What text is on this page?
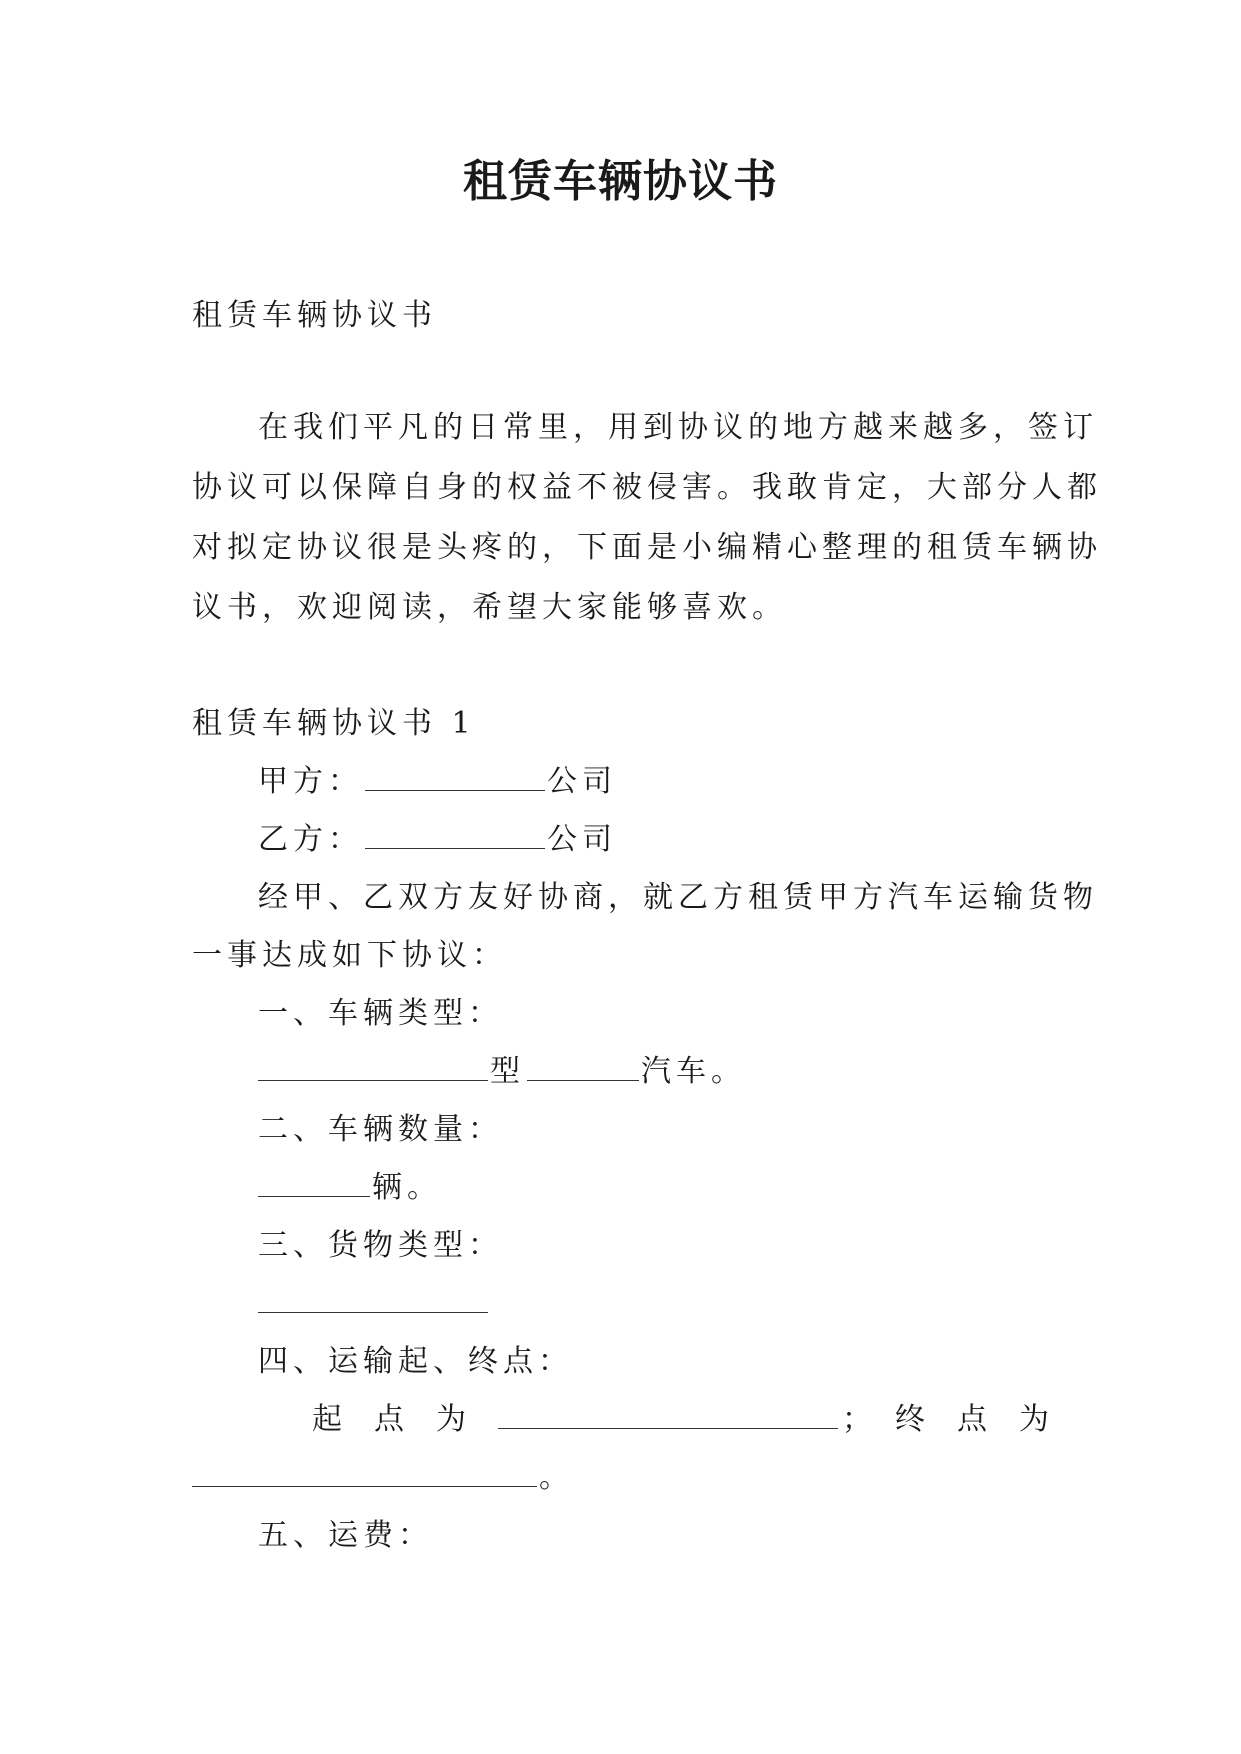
租赁车辆协议书
租赁车辆协议书
在我们平凡的日常里，用到协议的地方越来越多，签订
协议可以保障自身的权益不被侵害。我敢肯定，大部分人都
对拟定协议很是头疼的，下面是小编精心整理的租赁车辆协
议书，欢迎阅读，希望大家能够喜欢。
租赁车辆协议书 1
甲方：	公司
乙方：	公司
经甲、乙双方友好协商，就乙方租赁甲方汽车运输货物
一事达成如下协议：
一、车辆类型：
型	汽车。
二、车辆数量：
辆。
三、货物类型：
四、运输起、终点：
起 点 为	； 终 点 为
。
五、运费：
